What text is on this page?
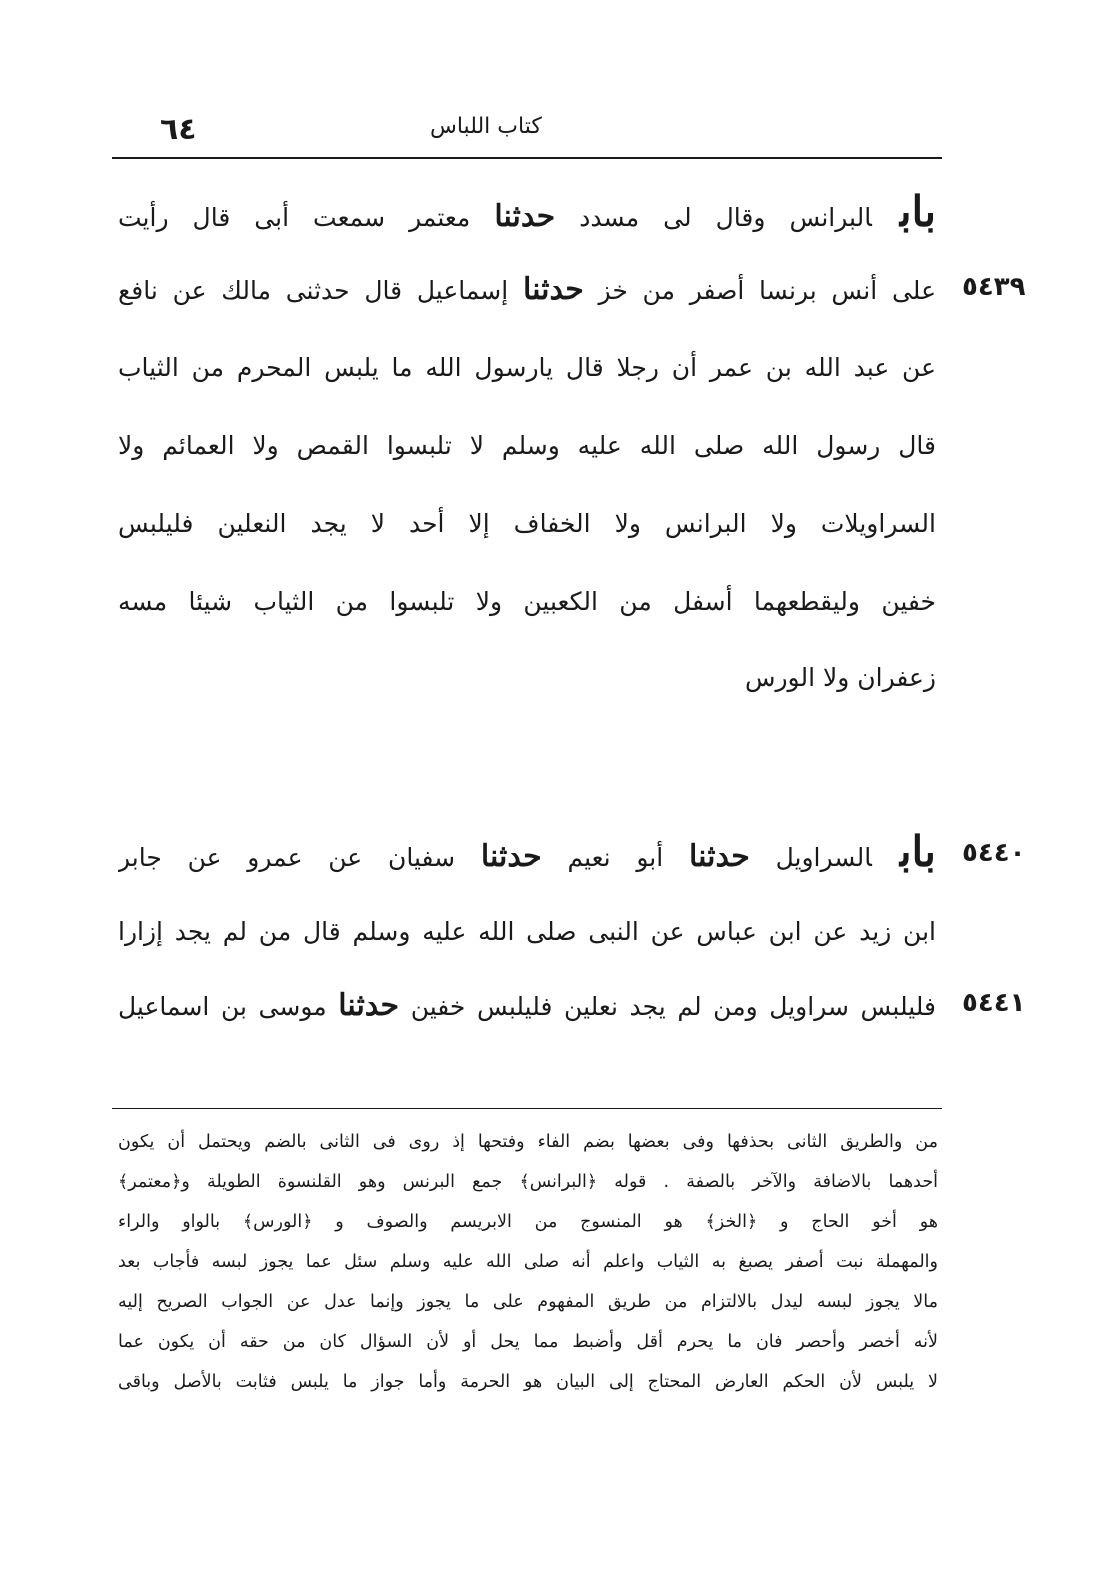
٦٤	كتاب اللباس
بابالبرانس وقال لى مسدد حدثنا معتمر سمعت أبى قال رأيت
٥٤٣٩
على أنس برنسا أصفر من خز حدثنا إسماعيل قال حدثنى مالك عن نافع
عن عبد الله بن عمر أن رجلا قال يارسول الله ما يلبس المحرم من الثياب
قال رسول الله صلى الله عليه وسلم لا تلبسوا القمص ولا العمائم ولا
السراويلات ولا البرانس ولا الخفاف إلا أحد لا يجد النعلين فليلبس
خفين وليقطعهما أسفل من الكعبين ولا تلبسوا من الثياب شيئا مسه
زعفران ولا الورس
٥٤٤٠
بابالسراويل حدثنا أبو نعيم حدثنا سفيان عن عمرو عن جابر
ابن زيد عن ابن عباس عن النبى صلى الله عليه وسلم قال من لم يجد إزارا
٥٤٤١
فليلبس سراويل ومن لم يجد نعلين فليلبس خفين حدثنا موسى بن اسماعيل
من والطريق الثانى بحذفها وفى بعضها بضم الفاء وفتحها إذ روى فى الثانى بالضم ويحتمل أن يكون
أحدهما بالاضافة والآخر بالصفة . قوله ﴿البرانس﴾ جمع البرنس وهو القلنسوة الطويلة و﴿معتمر﴾
هو أخو الحاج و ﴿الخز﴾ هو المنسوج من الابريسم والصوف و ﴿الورس﴾ بالواو والراء
والمهملة نبت أصفر يصبغ به الثياب واعلم أنه صلى الله عليه وسلم سئل عما يجوز لبسه فأجاب بعد
مالا يجوز لبسه ليدل بالالتزام من طريق المفهوم على ما يجوز وإنما عدل عن الجواب الصريح إليه
لأنه أخصر وأحصر فان ما يحرم أقل وأضبط مما يحل أو لأن السؤال كان من حقه أن يكون عما
لا يلبس لأن الحكم العارض المحتاج إلى البيان هو الحرمة وأما جواز ما يلبس فثابت بالأصل وباقى
